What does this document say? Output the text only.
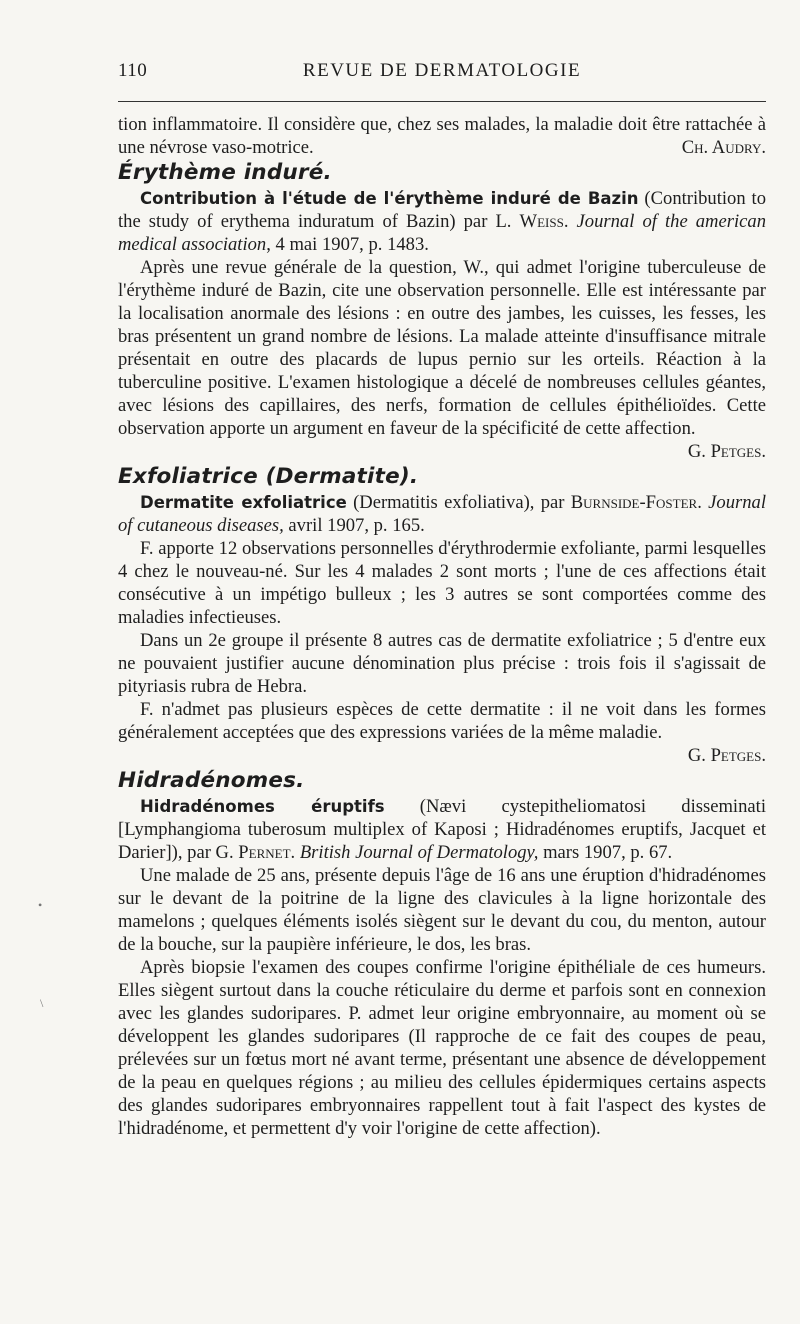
110	REVUE DE DERMATOLOGIE

tion inflammatoire. Il considère que, chez ses malades, la maladie doit être rattachée à une névrose vaso-motrice.	Ch. Audry.

Érythème induré.

Contribution à l'étude de l'érythème induré de Bazin (Contribution to the study of erythema induratum of Bazin) par L. Weiss. Journal of the american medical association, 4 mai 1907, p. 1483.

Après une revue générale de la question, W., qui admet l'origine tuberculeuse de l'érythème induré de Bazin, cite une observation personnelle. Elle est intéressante par la localisation anormale des lésions : en outre des jambes, les cuisses, les fesses, les bras présentent un grand nombre de lésions. La malade atteinte d'insuffisance mitrale présentait en outre des placards de lupus pernio sur les orteils. Réaction à la tuberculine positive. L'examen histologique a décelé de nombreuses cellules géantes, avec lésions des capillaires, des nerfs, formation de cellules épithélioïdes. Cette observation apporte un argument en faveur de la spécificité de cette affection.
G. Petges.

Exfoliatrice (Dermatite).

Dermatite exfoliatrice (Dermatitis exfoliativa), par Burnside-Foster. Journal of cutaneous diseases, avril 1907, p. 165.

F. apporte 12 observations personnelles d'érythrodermie exfoliante, parmi lesquelles 4 chez le nouveau-né. Sur les 4 malades 2 sont morts ; l'une de ces affections était consécutive à un impétigo bulleux ; les 3 autres se sont comportées comme des maladies infectieuses.

Dans un 2e groupe il présente 8 autres cas de dermatite exfoliatrice ; 5 d'entre eux ne pouvaient justifier aucune dénomination plus précise : trois fois il s'agissait de pityriasis rubra de Hebra.

F. n'admet pas plusieurs espèces de cette dermatite : il ne voit dans les formes généralement acceptées que des expressions variées de la même maladie.
G. Petges.

Hidradénomes.

Hidradénomes éruptifs (Nævi cystepitheliomatosi disseminati [Lymphangioma tuberosum multiplex of Kaposi ; Hidradénomes eruptifs, Jacquet et Darier]), par G. Pernet. British Journal of Dermatology, mars 1907, p. 67.

Une malade de 25 ans, présente depuis l'âge de 16 ans une éruption d'hidradénomes sur le devant de la poitrine de la ligne des clavicules à la ligne horizontale des mamelons ; quelques éléments isolés siègent sur le devant du cou, du menton, autour de la bouche, sur la paupière inférieure, le dos, les bras.

Après biopsie l'examen des coupes confirme l'origine épithéliale de ces humeurs. Elles siègent surtout dans la couche réticulaire du derme et parfois sont en connexion avec les glandes sudoripares. P. admet leur origine embryonnaire, au moment où se développent les glandes sudoripares (Il rapproche de ce fait des coupes de peau, prélevées sur un fœtus mort né avant terme, présentant une absence de développement de la peau en quelques régions ; au milieu des cellules épidermiques certains aspects des glandes sudoripares embryonnaires rappellent tout à fait l'aspect des kystes de l'hidradénome, et permettent d'y voir l'origine de cette affection).

•
\
